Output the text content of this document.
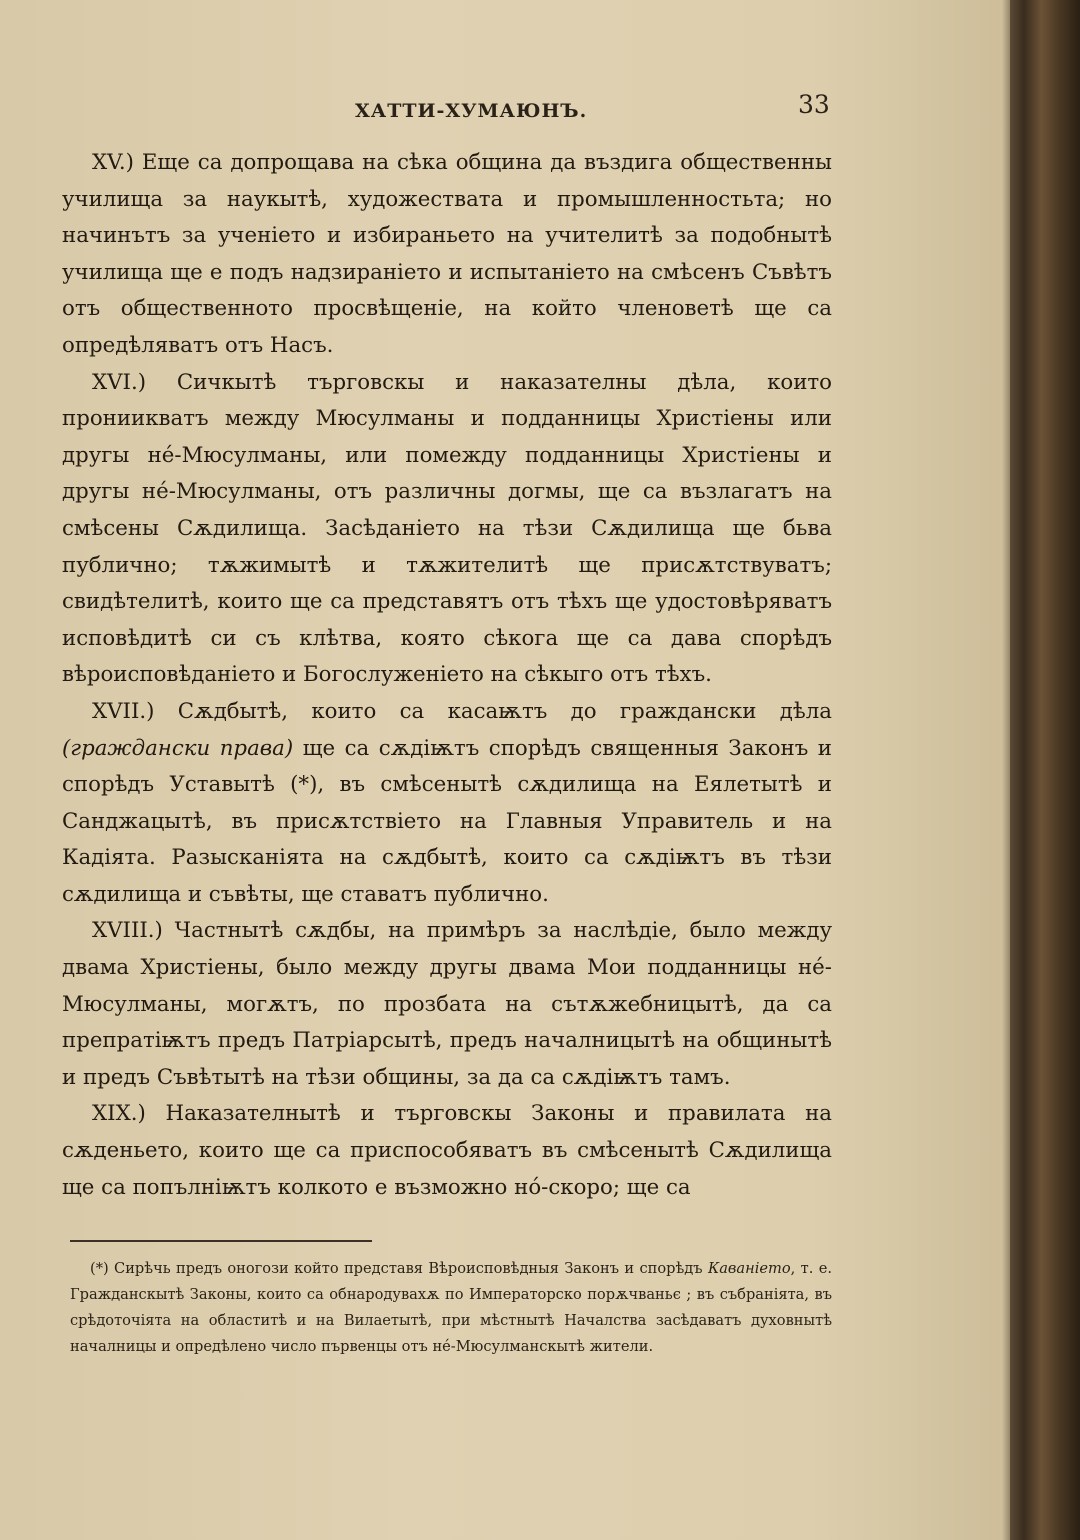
ХАТТИ-ХУМАЮНЪ.	33

XV.) Еще са допрощава на сѣка община да въздига общественны училища за наукытѣ, художествата и промышленностьта; но начинътъ за ученіето и избираньето на учителитѣ за подобнытѣ училища ще е подъ надзираніето и испытаніето на смѣсенъ Съвѣтъ отъ общественното просвѣщеніе, на който членоветѣ ще са опредѣляватъ отъ Насъ.

XVI.) Сичкытѣ търговскы и наказателны дѣла, които прониикватъ между Мюсулманы и подданницы Христіены или другы нé-Мюсулманы, или помежду подданницы Христіены и другы нé-Мюсулманы, отъ различны догмы, ще са възлагатъ на смѣсены Сѫдилища. Засѣданіето на тѣзи Сѫдилища ще бьва публично; тѫжимытѣ и тѫжителитѣ ще присѫтствуватъ; свидѣтелитѣ, които ще са представятъ отъ тѣхъ ще удостовѣряватъ исповѣдитѣ си съ клѣтва, която сѣкога ще са дава спорѣдъ вѣроисповѣданіето и Богослуженіето на сѣкыго отъ тѣхъ.

XVII.) Сѫдбытѣ, които са касаѭтъ до граждански дѣла (граждански права) ще са сѫдіѭтъ спорѣдъ священныя Законъ и спорѣдъ Уставытѣ (*), въ смѣсенытѣ сѫдилища на Еялетытѣ и Санджацытѣ, въ присѫтствіето на Главныя Управитель и на Кадіята. Разысканіята на сѫдбытѣ, които са сѫдіѭтъ въ тѣзи сѫдилища и съвѣты, ще ставатъ публично.

XVIII.) Частнытѣ сѫдбы, на примѣръ за наслѣдіе, было между двама Христіены, было между другы двама Мои подданницы нé-Мюсулманы, могѫтъ, по прозбата на сътѫжебницытѣ, да са препратіѭтъ предъ Патріарсытѣ, предъ началницытѣ на общинытѣ и предъ Съвѣтытѣ на тѣзи общины, за да са сѫдіѭтъ тамъ.

XIX.) Наказателнытѣ и търговскы Законы и правилата на сѫденьето, които ще са приспособяватъ въ смѣсенытѣ Сѫдилища ще са попълніѭтъ колкото е възможно нó-скоро; ще са

(*) Сирѣчь предъ оногози който представя Вѣроисповѣдныя Законъ и спорѣдъ Каваніето, т. е. Гражданскытѣ Законы, които са обнародувахѫ по Императорско порѫчваньє ; въ събраніята, въ срѣдоточіята на областитѣ и на Вилаетытѣ, при мѣстнытѣ Началства засѣдаватъ духовнытѣ началницы и опредѣлено число първенцы отъ нé-Мюсулманскытѣ жители.
